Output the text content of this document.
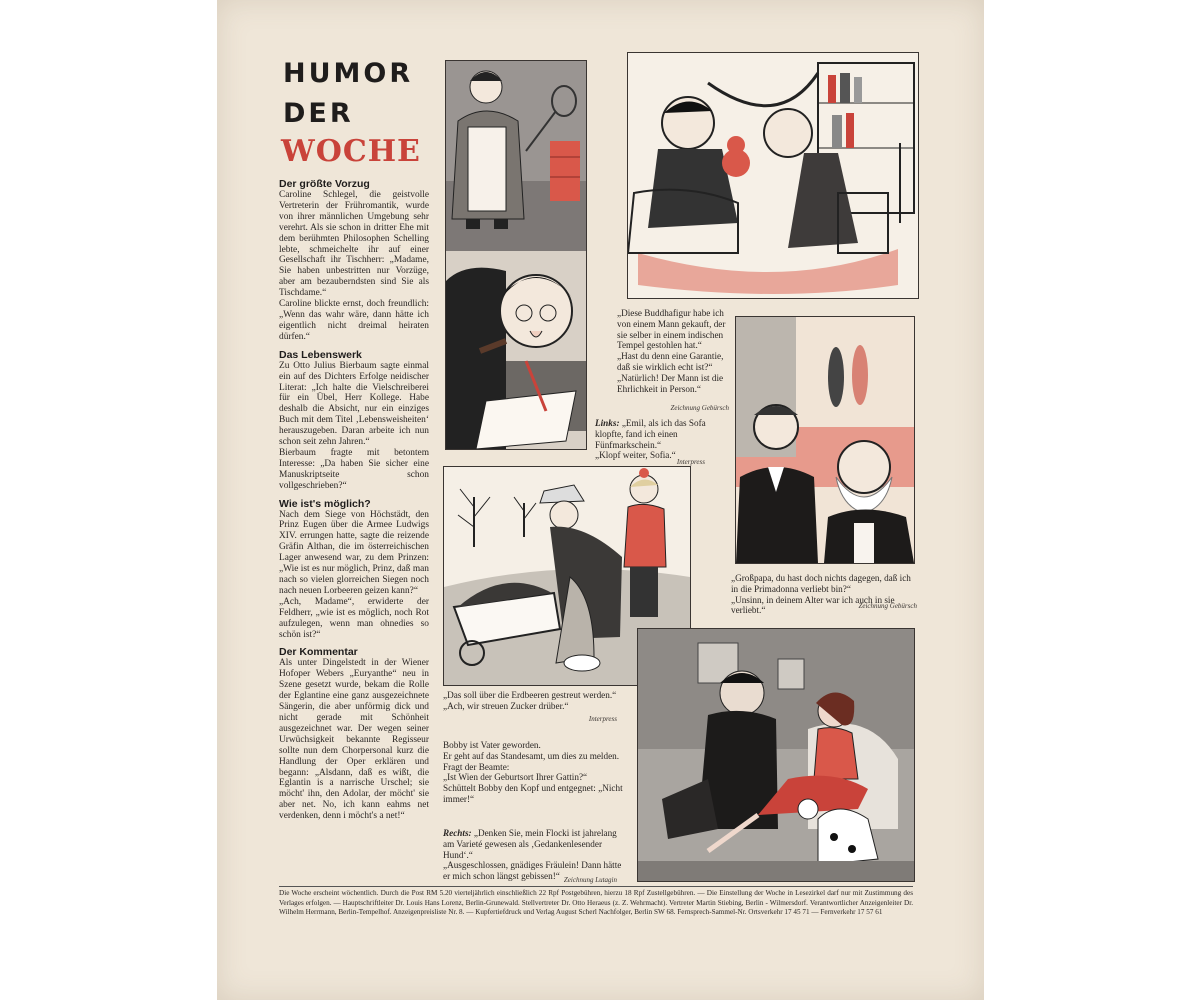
HUMOR
DER
WOCHE
Der größte Vorzug
Caroline Schlegel, die geistvolle Vertreterin der Frühromantik, wurde von ihrer männlichen Umgebung sehr verehrt. Als sie schon in dritter Ehe mit dem berühmten Philosophen Schelling lebte, schmeichelte ihr auf einer Gesellschaft ihr Tischherr: „Madame, Sie haben unbestritten nur Vorzüge, aber am bezauberndsten sind Sie als Tischdame.“
Caroline blickte ernst, doch freundlich: „Wenn das wahr wäre, dann hätte ich eigentlich nicht dreimal heiraten dürfen.“
Das Lebenswerk
Zu Otto Julius Bierbaum sagte einmal ein auf des Dichters Erfolge neidischer Literat: „Ich halte die Vielschreiberei für ein Übel, Herr Kollege. Habe deshalb die Absicht, nur ein einziges Buch mit dem Titel ‚Lebensweisheiten‘ herauszugeben. Daran arbeite ich nun schon seit zehn Jahren.“
Bierbaum fragte mit betontem Interesse: „Da haben Sie sicher eine Manuskriptseite schon vollgeschrieben?“
Wie ist's möglich?
Nach dem Siege von Höchstädt, den Prinz Eugen über die Armee Ludwigs XIV. errungen hatte, sagte die reizende Gräfin Althan, die im österreichischen Lager anwesend war, zu dem Prinzen: „Wie ist es nur möglich, Prinz, daß man nach so vielen glorreichen Siegen noch nach neuen Lorbeeren geizen kann?“
„Ach, Madame“, erwiderte der Feldherr, „wie ist es möglich, noch Rot aufzulegen, wenn man ohnedies so schön ist?“
Der Kommentar
Als unter Dingelstedt in der Wiener Hofoper Webers „Euryanthe“ neu in Szene gesetzt wurde, bekam die Rolle der Eglantine eine ganz ausgezeichnete Sängerin, die aber unförmig dick und nicht gerade mit Schönheit ausgezeichnet war. Der wegen seiner Urwüchsigkeit bekannte Regisseur sollte nun dem Chorpersonal kurz die Handlung der Oper erklären und begann: „Alsdann, daß es wißt, die Eglantin is a narrische Urschel; sie möcht' ihn, den Adolar, der möcht' sie aber net. No, ich kann eahms net verdenken, denn i möcht's a net!“
„Diese Buddhafigur habe ich von einem Mann gekauft, der sie selber in einem indischen Tempel gestohlen hat.“
„Hast du denn eine Garantie, daß sie wirklich echt ist?“
„Natürlich! Der Mann ist die Ehrlichkeit in Person.“
Zeichnung Gebürsch
Links: „Emil, als ich das Sofa klopfte, fand ich einen Fünfmarkschein.“
„Klopf weiter, Sofia.“
Interpress
„Großpapa, du hast doch nichts dagegen, daß ich in die Primadonna verliebt bin?“
„Unsinn, in deinem Alter war ich auch in sie verliebt.“	Zeichnung Gebürsch
„Das soll über die Erdbeeren gestreut werden.“
„Ach, wir streuen Zucker drüber.“
Interpress
Bobby ist Vater geworden.
Er geht auf das Standesamt, um dies zu melden.
Fragt der Beamte:
„Ist Wien der Geburtsort Ihrer Gattin?“
Schüttelt Bobby den Kopf und entgegnet: „Nicht immer!“
Rechts: „Denken Sie, mein Flocki ist jahrelang am Varieté gewesen als ‚Gedankenlesender Hund‘.“
„Ausgeschlossen, gnädiges Fräulein! Dann hätte er mich schon längst gebissen!“ Zeichnung Lutagin
Die Woche erscheint wöchentlich. Durch die Post RM 5.20 vierteljährlich einschließlich 22 Rpf Postgebühren, hierzu 18 Rpf Zustellgebühren. — Die Einstellung der Woche in Lesezirkel darf nur mit Zustimmung des Verlages erfolgen. — Hauptschriftleiter Dr. Louis Hans Lorenz, Berlin-Grunewald. Stellvertreter Dr. Otto Heraeus (z. Z. Wehrmacht). Vertreter Martin Stiebing, Berlin - Wilmersdorf. Verantwortlicher Anzeigenleiter Dr. Wilhelm Herrmann, Berlin-Tempelhof. Anzeigenpreisliste Nr. 8. — Kupfertiefdruck und Verlag August Scherl Nachfolger, Berlin SW 68. Fernsprech-Sammel-Nr. Ortsverkehr 17 45 71 — Fernverkehr 17 57 61
